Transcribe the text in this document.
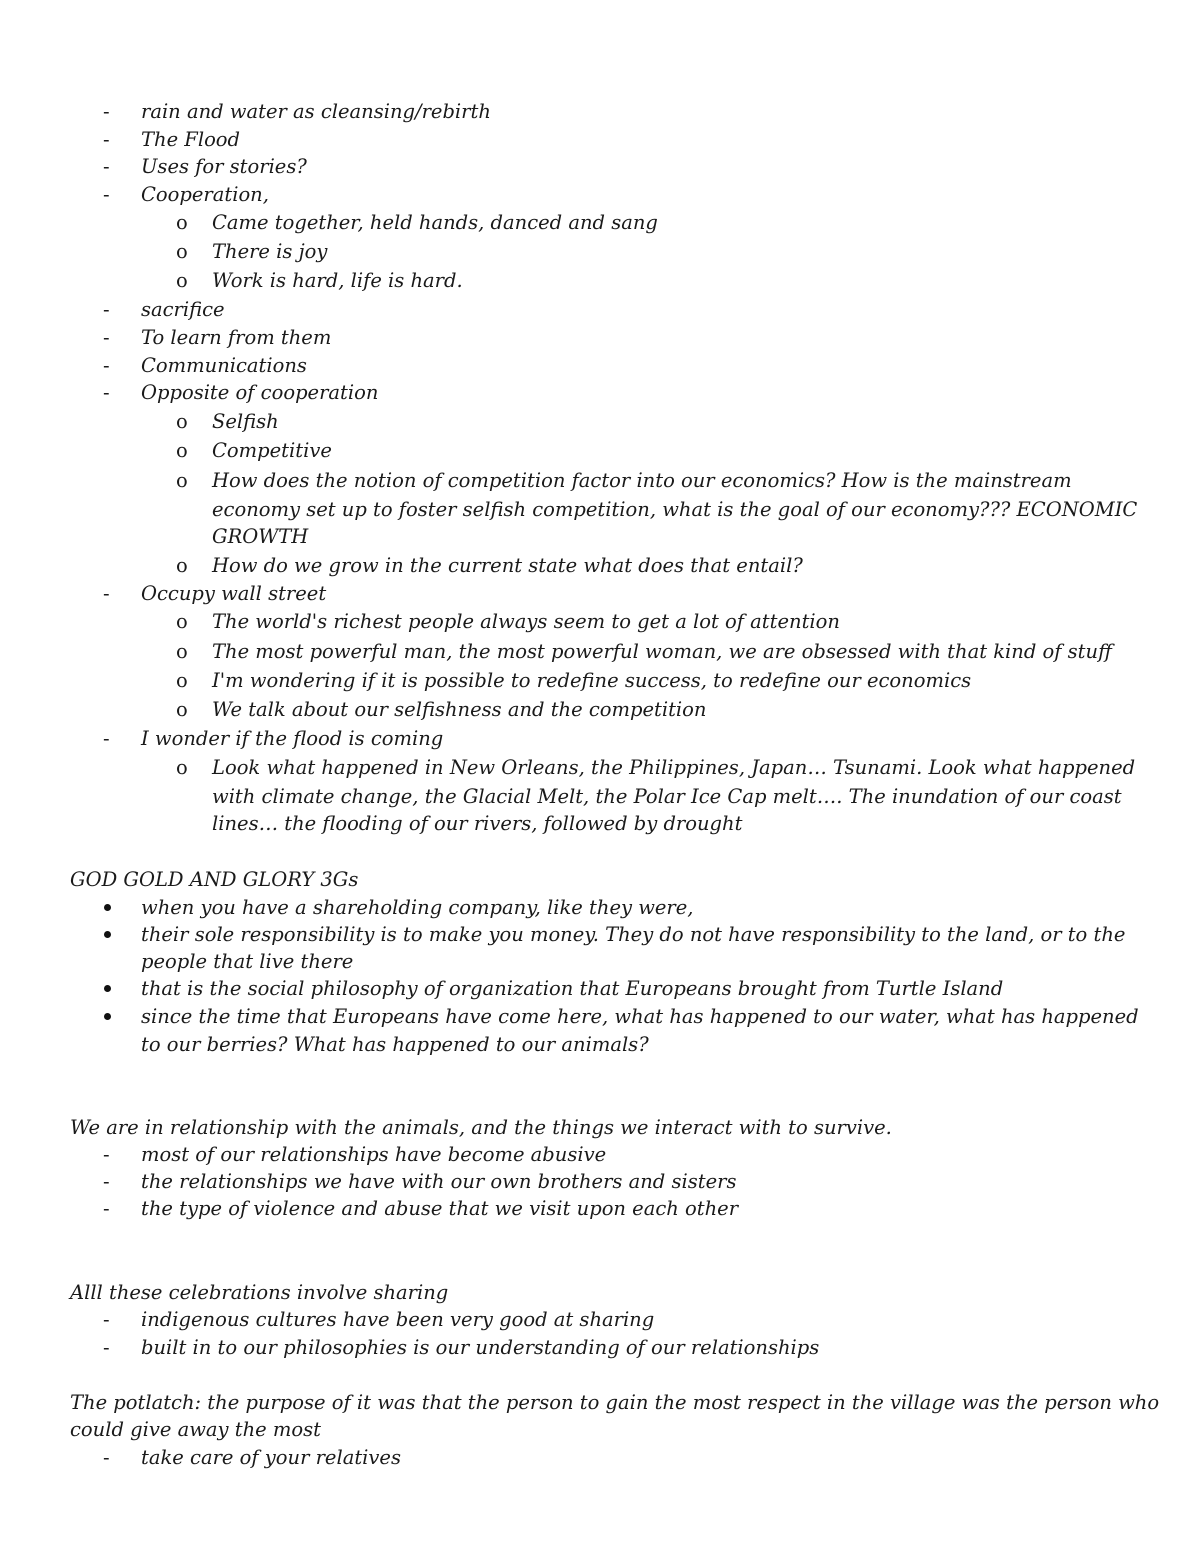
- rain and water as cleansing/rebirth
- The Flood
- Uses for stories?
- Cooperation,
o Came together, held hands, danced and sang
o There is joy
o Work is hard, life is hard.
- sacrifice
- To learn from them
- Communications
- Opposite of cooperation
o Selfish
o Competitive
o How does the notion of competition factor into our economics? How is the mainstream
economy set up to foster selfish competition, what is the goal of our economy??? ECONOMIC
GROWTH
o How do we grow in the current state what does that entail?
- Occupy wall street
o The world's richest people always seem to get a lot of attention
o The most powerful man, the most powerful woman, we are obsessed with that kind of stuff
o I'm wondering if it is possible to redefine success, to redefine our economics
o We talk about our selfishness and the competition
- I wonder if the flood is coming
o Look what happened in New Orleans, the Philippines, Japan… Tsunami. Look what happened
with climate change, the Glacial Melt, the Polar Ice Cap melt…. The inundation of our coast
lines… the flooding of our rivers, followed by drought
GOD GOLD AND GLORY 3Gs
when you have a shareholding company, like they were,
their sole responsibility is to make you money. They do not have responsibility to the land, or to the
people that live there
that is the social philosophy of organization that Europeans brought from Turtle Island
since the time that Europeans have come here, what has happened to our water, what has happened
to our berries? What has happened to our animals?
We are in relationship with the animals, and the things we interact with to survive.
- most of our relationships have become abusive
- the relationships we have with our own brothers and sisters
- the type of violence and abuse that we visit upon each other
Alll these celebrations involve sharing
- indigenous cultures have been very good at sharing
- built in to our philosophies is our understanding of our relationships
The potlatch: the purpose of it was that the person to gain the most respect in the village was the person who
could give away the most
- take care of your relatives
